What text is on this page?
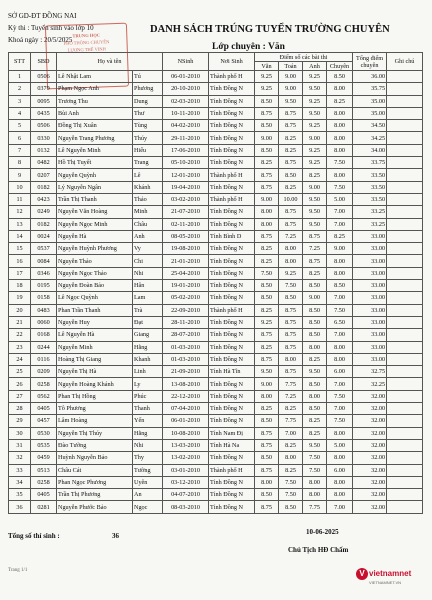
SỞ GD-ĐT ĐỒNG NAI
Kỳ thi : Tuyển sinh vào lớp 10
Khoá ngày : 20/5/2025
TRUNG HỌC
PHỔ THÔNG CHUYÊN
LƯƠNG THẾ VINH
DANH SÁCH TRÚNG TUYỂN TRƯỜNG CHUYÊN
Lớp chuyên : Văn
STT	SBD	Họ và tên		NSinh	Nơi Sinh	Điểm số các bài thi				Tổng điểm chuyên	Ghi chú
						Văn	Toán	Anh	Chuyên		
1	0506	Lê Nhật Lam	Tú	06-01-2010	Thành phố H	9.25	9.00	9.25	8.50	36.00	
2	0370	Phạm Ngọc Anh	Phương	20-10-2010	Tỉnh Đồng N	9.25	9.00	9.50	8.00	35.75	
3	0095	Trương Thu	Dung	02-03-2010	Tỉnh Đồng N	8.50	9.50	9.25	8.25	35.00	
4	0435	Bùi Anh	Thư	10-11-2010	Tỉnh Đồng N	8.75	8.75	9.50	8.00	35.00	
5	0506	Đồng Thị Xuân	Tùng	04-02-2010	Tỉnh Đồng N	8.50	8.75	9.25	8.00	34.50	
6	0330	Nguyễn Trang Phương	Thúy	29-11-2010	Tỉnh Đồng N	9.00	8.25	9.00	8.00	34.25	
7	0132	Lê Nguyễn Minh	Hiếu	17-06-2010	Tỉnh Đồng N	8.50	8.25	9.25	8.00	34.00	
8	0482	Hồ Thị Tuyết	Trang	05-10-2010	Tỉnh Đồng N	8.25	8.75	9.25	7.50	33.75	
9	0207	Nguyễn Quỳnh	Lê	12-01-2010	Thành phố H	8.75	8.50	8.25	8.00	33.50	
10	0182	Lý Nguyễn Ngân	Khánh	19-04-2010	Tỉnh Đồng N	8.75	8.25	9.00	7.50	33.50	
11	0423	Trần Thị Thanh	Thảo	03-02-2010	Thành phố H	9.00	10.00	9.50	5.00	33.50	
12	0249	Nguyễn Văn Hoàng	Minh	21-07-2010	Tỉnh Đồng N	8.00	8.75	9.50	7.00	33.25	
13	0182	Nguyễn Ngọc Minh	Châu	02-11-2010	Tỉnh Đồng N	8.00	8.75	9.50	7.00	33.25	
14	0024	Nguyễn Hà	Anh	08-05-2010	Tỉnh Bình D	8.75	7.25	8.75	8.25	33.00	
15	0537	Nguyễn Huỳnh Phương	Vy	19-08-2010	Tỉnh Đồng N	8.25	8.00	7.25	9.00	33.00	
16	0084	Nguyễn Thảo	Chi	21-01-2010	Tỉnh Đồng N	8.25	8.00	8.75	8.00	33.00	
17	0346	Nguyễn Ngọc Thảo	Nhi	25-04-2010	Tỉnh Đồng N	7.50	9.25	8.25	8.00	33.00	
18	0195	Nguyễn Đoàn Bảo	Hân	19-01-2010	Tỉnh Đồng N	8.50	7.50	8.50	8.50	33.00	
19	0158	Lê Ngọc Quỳnh	Lam	05-02-2010	Tỉnh Đồng N	8.50	8.50	9.00	7.00	33.00	
20	0483	Phan Trần Thanh	Trà	22-09-2010	Thành phố H	8.25	8.75	8.50	7.50	33.00	
21	0060	Nguyễn Huy	Đạt	28-11-2010	Tỉnh Đồng N	9.25	8.75	8.50	6.50	33.00	
22	0168	Lê Nguyễn Hà	Giang	28-07-2010	Tỉnh Đồng N	8.75	8.75	8.50	7.00	33.00	
23	0244	Nguyễn Minh	Hằng	01-03-2010	Tỉnh Đồng N	8.25	8.75	8.00	8.00	33.00	
24	0116	Hoàng Thị Giang	Khanh	01-03-2010	Tỉnh Đồng N	8.75	8.00	8.25	8.00	33.00	
25	0209	Nguyễn Thị Hà	Linh	21-09-2010	Tỉnh Hà Tĩn	9.50	8.75	9.50	6.00	32.75	
26	0258	Nguyễn Hoàng Khánh	Ly	13-08-2010	Tỉnh Đồng N	9.00	7.75	8.50	7.00	32.25	
27	0562	Phan Thị Hồng	Phúc	22-12-2010	Tỉnh Đồng N	8.00	7.25	8.00	7.50	32.00	
28	0405	Tô Phương	Thanh	07-04-2010	Tỉnh Đồng N	8.25	8.25	8.50	7.00	32.00	
29	0457	Lâm Hoàng	Yến	06-01-2010	Tỉnh Đồng N	8.50	7.75	8.25	7.50	32.00	
30	0530	Nguyễn Thị Thúy	Hằng	10-08-2010	Tỉnh Nam Đị	8.75	7.00	8.25	8.00	32.00	
31	0535	Đào Tường	Nhi	13-03-2010	Tỉnh Hà Na	8.75	8.25	9.50	5.00	32.00	
32	0459	Huỳnh Nguyễn Bảo	Thy	13-02-2010	Tỉnh Đồng N	8.50	8.00	7.50	8.00	32.00	
33	0513	Châu Cát	Tường	03-01-2010	Thành phố H	8.75	8.25	7.50	6.00	32.00	
34	0258	Phan Ngọc Phương	Uyên	03-12-2010	Tỉnh Đồng N	8.00	7.50	8.00	8.00	32.00	
35	0405	Trần Thị Phương	An	04-07-2010	Tỉnh Đồng N	8.50	7.50	8.00	8.00	32.00	
36	0281	Nguyễn Phước Bảo	Ngọc	08-03-2010	Tỉnh Đồng N	8.75	8.50	7.75	7.00	32.00	
Tổng số thí sinh :	36	10-06-2025
Chủ Tịch HĐ Chấm
Trang 1/1	V vietnamnet
VIETNAMNET.VN
